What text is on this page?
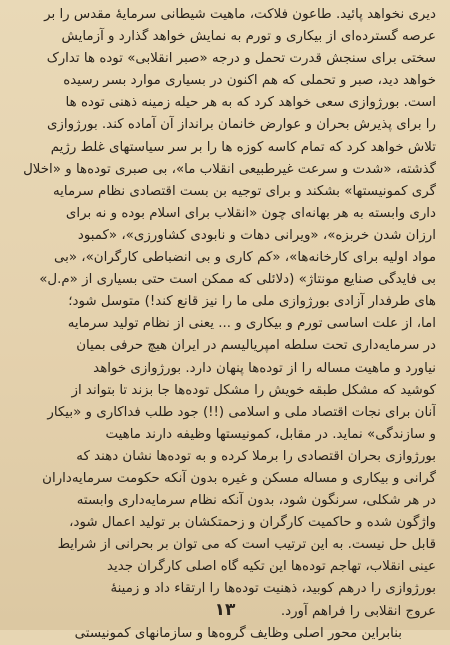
دیری نخواهد پائید. طاعون فلاکت، ماهیت شیطانی سرمایهٔ مقدس را بر
عرصه گسترده‌ای از بیکاری و تورم به نمایش خواهد گذارد و آزمایش
سختی برای سنجش قدرت تحمل و درجه «صبر انقلابی» توده ها تدارک
خواهد دید، صبر و تحملی که هم اکنون در بسیاری موارد بسر رسیده
است. بورژوازی سعی خواهد کرد که به هر حیله زمینه ذهنی توده ها
را برای پذیرش بحران و عوارض خانمان برانداز آن آماده کند. بورژوازی
تلاش خواهد کرد که تمام کاسه کوزه ها را بر سر سیاستهای غلط رژیم
گذشته، «شدت و سرعت غیرطبیعی انقلاب ما»، بی صبری توده‌ها و «اخلال‌
گری کمونیستها» بشکند و برای توجیه بن بست اقتصادی نظام سرمایه
داری وابسته به هر بهانه‌ای چون «انقلاب برای اسلام بوده و نه برای
ارزان شدن خربزه»، «ویرانی دهات و نابودی کشاورزی»، «کمبود
مواد اولیه برای کارخانه‌ها»، «کم کاری و بی انضباطی کارگران»، «بی
بی فایدگی صنایع مونتاژ» (دلائلی که ممکن است حتی بسیاری از «م.ل»
های طرفدار آزادی بورژوازی ملی ما را نیز قانع کند!) متوسل شود؛
اما، از علت اساسی تورم و بیکاری و ... یعنی از نظام تولید سرمایه
در سرمایه‌داری تحت سلطه امپریالیسم در ایران هیچ حرفی بمیان
نیاورد و ماهیت مساله را از توده‌ها پنهان دارد. بورژوازی خواهد
کوشید که مشکل طبقه خویش را مشکل توده‌ها جا بزند تا بتواند از
آنان برای نجات اقتصاد ملی و اسلامی (!!) جود طلب فداکاری و «بیکار
و سازندگی» نماید. در مقابل، کمونیستها وظیفه دارند ماهیت
بورژوازی بحران اقتصادی را برملا کرده و به توده‌ها نشان دهند که
گرانی و بیکاری و مساله مسکن و غیره بدون آنکه حکومت سرمایه‌داران
در هر شکلی، سرنگون شود، بدون آنکه نظام سرمایه‌داری وابسته
واژگون شده و حاکمیت کارگران و زحمتکشان بر تولید اعمال شود،
قابل حل نیست. به این ترتیب است که می توان بر بحرانی از شرایط
عینی انقلاب، تهاجم توده‌ها این تکیه گاه اصلی کارگران جدید
بورژوازی را درهم کوبید، ذهنیت توده‌ها را ارتقاء داد و زمینهٔ
عروج انقلابی را فراهم آورد.
بنابراین محور اصلی وظایف گروه‌ها و سازمانهای کمونیستی
۱۳
